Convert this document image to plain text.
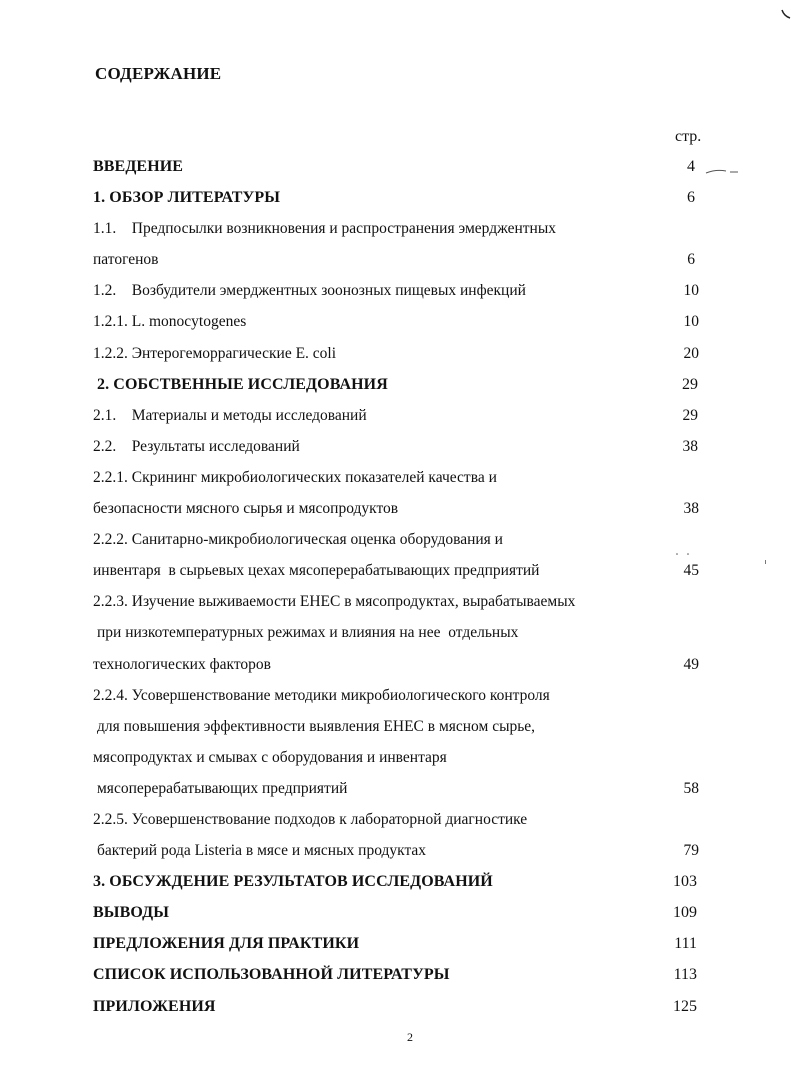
СОДЕРЖАНИЕ
стр.
ВВЕДЕНИЕ	4
1. ОБЗОР ЛИТЕРАТУРЫ	6
1.1.    Предпосылки возникновения и распространения эмерджентных
патогенов	6
1.2.    Возбудители эмерджентных зоонозных пищевых инфекций	10
1.2.1. L. monocytogenes	10
1.2.2. Энтерогеморрагические E. coli	20
2. СОБСТВЕННЫЕ ИССЛЕДОВАНИЯ	29
2.1.    Материалы и методы исследований	29
2.2.    Результаты исследований	38
2.2.1. Скрининг микробиологических показателей качества и
безопасности мясного сырья и мясопродуктов	38
2.2.2. Санитарно-микробиологическая оценка оборудования и
инвентаря  в сырьевых цехах мясоперерабатывающих предприятий	45
2.2.3. Изучение выживаемости EHEC в мясопродуктах, вырабатываемых
при низкотемпературных режимах и влияния на нее  отдельных
технологических факторов	49
2.2.4. Усовершенствование методики микробиологического контроля
для повышения эффективности выявления EHEC в мясном сырье,
мясопродуктах и смывах с оборудования и инвентаря
мясоперерабатывающих предприятий	58
2.2.5. Усовершенствование подходов к лабораторной диагностике
бактерий рода Listeria в мясе и мясных продуктах	79
3. ОБСУЖДЕНИЕ РЕЗУЛЬТАТОВ ИССЛЕДОВАНИЙ	103
ВЫВОДЫ	109
ПРЕДЛОЖЕНИЯ ДЛЯ ПРАКТИКИ	111
СПИСОК ИСПОЛЬЗОВАННОЙ ЛИТЕРАТУРЫ	113
ПРИЛОЖЕНИЯ	125
2
